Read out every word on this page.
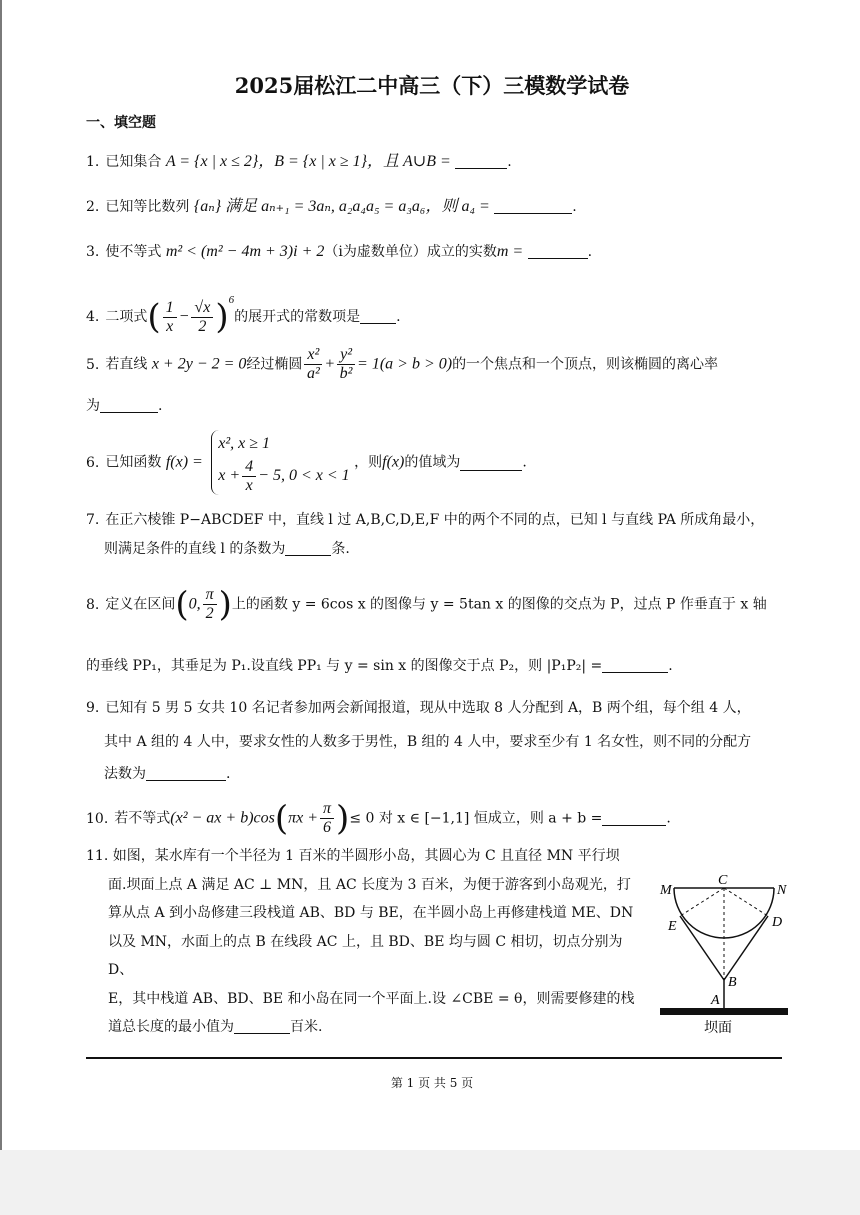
2025届松江二中高三（下）三模数学试卷
一、填空题
1. 已知集合 A = {x | x ≤ 2}，B = {x | x ≥ 1}，且 A∪B =	.
2. 已知等比数列 {aₙ} 满足 aₙ₊₁ = 3aₙ, a₂a₄a₅ = a₃a₆，则 a₄ =	.
3. 使不等式 m² < (m² − 4m + 3)i + 2（i为虚数单位）成立的实数m =	.
4. 二项式( $\frac{1}{x} - \frac{√x}{2} )^6$的展开式的常数项是	.
5. 若直线 x + 2y − 2 = 0经过椭圆 $\frac{\text{x²}}{\text{a²}} + \frac{\text{y²}}{\text{b²}} = 1(a > b > 0)$的一个焦点和一个顶点，则该椭圆的离心率
为	.
6. 已知函数 f(x) =
x², x ≥ 1
$x + \frac{4}{x} - 5$, 0 < x < 1
，则f(x)的值域为	.
7. 在正六棱锥 P−ABCDEF 中，直线 l 过 A,B,C,D,E,F 中的两个不同的点，已知 l 与直线 PA 所成角最小，
则满足条件的直线 l 的条数为	条.
8. 定义在区间(0, $\frac{\pi}{2}$ )上的函数 y = 6cos x 的图像与 y = 5tan x 的图像的交点为 P，过点 P 作垂直于 x 轴
的垂线 PP₁，其垂足为 P₁.设直线 PP₁ 与 y = sin x 的图像交于点 P₂，则 |P₁P₂| =	.
9. 已知有 5 男 5 女共 10 名记者参加两会新闻报道，现从中选取 8 人分配到 A，B 两个组，每个组 4 人，
其中 A 组的 4 人中，要求女性的人数多于男性，B 组的 4 人中，要求至少有 1 名女性，则不同的分配方
法数为	.
10. 若不等式(x² − ax + $b)\cos(\pi x + \frac{\pi}{6}$ )≤ 0 对 x ∈ [−1,1] 恒成立，则 a + b =	.
11. 如图，某水库有一个半径为 1 百米的半圆形小岛，其圆心为 C 且直径 MN 平行坝
面.坝面上点 A 满足 AC ⊥ MN，且 AC 长度为 3 百米，为便于游客到小岛观光，打
算从点 A 到小岛修建三段栈道 AB、BD 与 BE，在半圆小岛上再修建栈道 ME、DN
以及 MN，水面上的点 B 在线段 AC 上，且 BD、BE 均与圆 C 相切，切点分别为 D、
E，其中栈道 AB、BD、BE 和小岛在同一个平面上.设 ∠CBE = θ，则需要修建的栈
道总长度的最小值为	百米.
M
C
N
E	D
B
A
坝面
第 1 页 共 5 页
